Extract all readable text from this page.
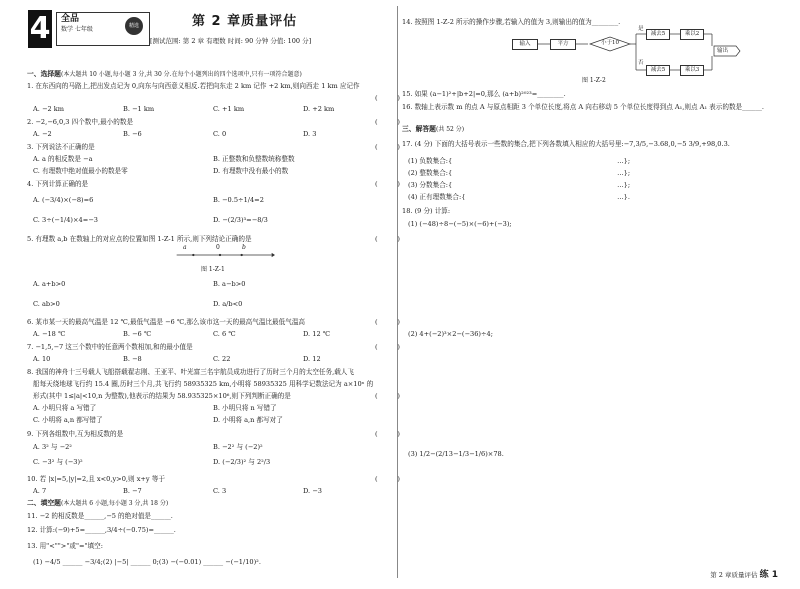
4	全品
数学 七年级
精选	第 2 章质量评估
[测试范围: 第 2 章 有理数 时间: 90 分钟 分值: 100 分]
一、选择题(本大题共 10 小题,每小题 3 分,共 30 分.在每个小题列出的四个选项中,只有一项符合题意)
1. 在东西向的马路上,把出发点记为 0,向东与向西意义相反.若把向东走 2 km 记作 +2 km,则向西走 1 km 应记作
(　　　)
A. −2 km	B. −1 km	C. +1 km	D. +2 km
2. −2,−6,0,3 四个数中,最小的数是	(　　　)
A. −2	B. −6	C. 0	D. 3
3. 下列说法不正确的是	(　　　)
A. a 的相反数是 −a	B. 正整数和负整数统称整数
C. 有理数中绝对值最小的数是零	D. 有理数中没有最小的数
4. 下列计算正确的是	(　　　)
A. (−3/4)×(−8)=6	B. −0.5÷1/4=2
C. 3÷(−1/4)×4=−3	D. −(2/3)³=−8/3
5. 有理数 a,b 在数轴上的对应点的位置如图 1-Z-1 所示,则下列结论正确的是	(　　　)
a	0	b
图 1-Z-1
A. a+b>0	B. a−b>0
C. ab>0	D. a/b<0
6. 某市某一天的最高气温是 12 ℃,最低气温是 −6 ℃,那么该市这一天的最高气温比最低气温高	(　　　)
A. −18 ℃	B. −6 ℃	C. 6 ℃	D. 12 ℃
7. −1,5,−7 这三个数中的任意两个数相加,和的最小值是	(　　　)
A. 10	B. −8	C. 22	D. 12
8. 我国的神舟十三号载人飞船搭载翟志刚、王亚平、叶光富三名宇航员成功进行了历时三个月的太空任务,载人飞
船每天绕地球飞行约 15.4 圈,历时三个月,共飞行约 58935325 km,小明将 58935325 用科学记数法记为 a×10ⁿ 的
形式(其中 1≤|a|<10,n 为整数),他表示的结果为 58.935325×10⁶,则下列判断正确的是	(　　　)
A. 小明只将 a 写错了	B. 小明只将 n 写错了
C. 小明将 a,n 都写错了	D. 小明将 a,n 都写对了
9. 下列各组数中,互为相反数的是	(　　　)
A. 3² 与 −2²	B. −2² 与 (−2)²
C. −3² 与 (−3)²	D. (−2/3)² 与 2²/3
10. 若 |x|=5,|y|=2,且 x<0,y>0,则 x+y 等于	(　　　)
A. 7	B. −7	C. 3	D. −3
二、填空题(本大题共 6 小题,每小题 3 分,共 18 分)
11. −2 的相反数是______,−5 的绝对值是______.
12. 计算:(−9)+5=______,3/4÷(−0.75)=______.
13. 用"<"">"或"="填空:
(1) −4/5 ______ −3/4;(2) |−5| ______ 0;(3) −(−0.01) ______ −(−1/10)².
14. 按照图 1-Z-2 所示的操作步骤,若输入的值为 3,则输出的值为________.
输入	平方	小于10
是
否
减去5	乘以2
减去5	乘以3
输出
图 1-Z-2
15. 如果 (a−1)²+|b+2|=0,那么 (a+b)²⁰²³=________.
16. 数轴上表示数 m 的点 A 与原点相距 3 个单位长度,将点 A 向右移动 5 个单位长度得到点 A₁,则点 A₁ 表示的数是______.
三、解答题(共 52 分)
17. (4 分) 下面的大括号表示一些数的集合,把下列各数填入相应的大括号里:−7,3/5,−3.68,0,−5 3/9,+98,0.3.
(1) 负数集合:{　　　　　　　　　　　　　　　　　　　　　　　　　…};
(2) 整数集合:{　　　　　　　　　　　　　　　　　　　　　　　　　…};
(3) 分数集合:{　　　　　　　　　　　　　　　　　　　　　　　　　…};
(4) 正有理数集合:{　　　　　　　　　　　　　　　　　　　　　　　…}.
18. (9 分) 计算:
(1) (−48)÷8−(−5)×(−6)+(−3);
(2) 4+(−2)³×2−(−36)÷4;
(3) 1/2−(2/13−1/3−1/6)×78.
第 2 章质量评估 练 1
